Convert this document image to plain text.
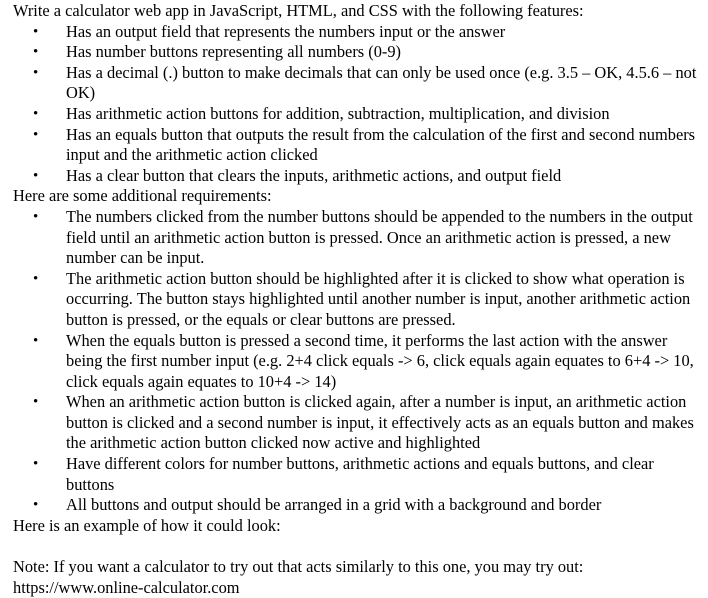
Write a calculator web app in JavaScript, HTML, and CSS with the following features:

• Has an output field that represents the numbers input or the answer
• Has number buttons representing all numbers (0-9)
• Has a decimal (.) button to make decimals that can only be used once (e.g. 3.5 – OK, 4.5.6 – not OK)
• Has arithmetic action buttons for addition, subtraction, multiplication, and division
• Has an equals button that outputs the result from the calculation of the first and second numbers input and the arithmetic action clicked
• Has a clear button that clears the inputs, arithmetic actions, and output field

Here are some additional requirements:

• The numbers clicked from the number buttons should be appended to the numbers in the output field until an arithmetic action button is pressed. Once an arithmetic action is pressed, a new number can be input.
• The arithmetic action button should be highlighted after it is clicked to show what operation is occurring. The button stays highlighted until another number is input, another arithmetic action button is pressed, or the equals or clear buttons are pressed.
• When the equals button is pressed a second time, it performs the last action with the answer being the first number input (e.g. 2+4 click equals -> 6, click equals again equates to 6+4 -> 10, click equals again equates to 10+4 -> 14)
• When an arithmetic action button is clicked again, after a number is input, an arithmetic action button is clicked and a second number is input, it effectively acts as an equals button and makes the arithmetic action button clicked now active and highlighted
• Have different colors for number buttons, arithmetic actions and equals buttons, and clear buttons
• All buttons and output should be arranged in a grid with a background and border

Here is an example of how it could look:

Note: If you want a calculator to try out that acts similarly to this one, you may try out: https://www.online-calculator.com
